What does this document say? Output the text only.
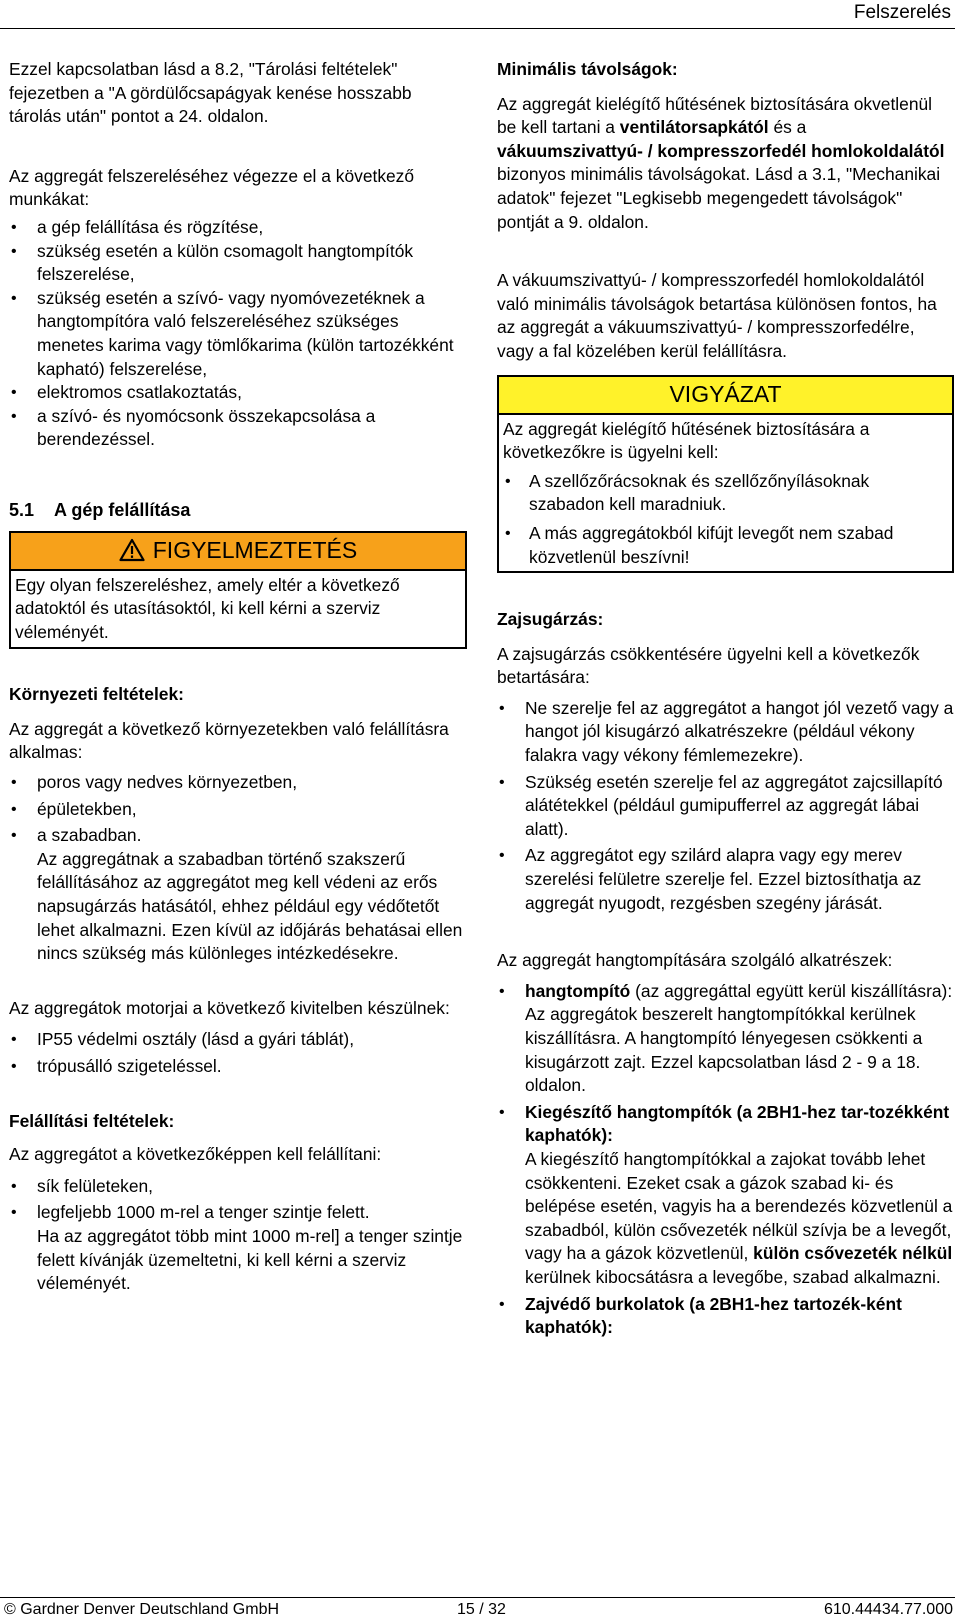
Felszerelés

Ezzel kapcsolatban lásd a 8.2, "Tárolási feltételek" fejezetben a "A gördülőcsapágyak kenése hosszabb tárolás után" pontot a 24. oldalon.

Az aggregát felszereléséhez végezze el a következő munkákat:

• a gép felállítása és rögzítése,
• szükség esetén a külön csomagolt hangtompítók felszerelése,
• szükség esetén a szívó- vagy nyomóvezetéknek a hangtompítóra való felszereléséhez szükséges menetes karima vagy tömlőkarima (külön tartozékként kapható) felszerelése,
• elektromos csatlakoztatás,
• a szívó- és nyomócsonk összekapcsolása a berendezéssel.

5.1 A gép felállítása

FIGYELMEZTETÉS
Egy olyan felszereléshez, amely eltér a következő adatoktól és utasításoktól, ki kell kérni a szerviz véleményét.

Környezeti feltételek:

Az aggregát a következő környezetekben való felállításra alkalmas:

• poros vagy nedves környezetben,
• épületekben,
• a szabadban.

Az aggregátnak a szabadban történő szakszerű felállításához az aggregátot meg kell védeni az erős napsugárzás hatásától, ehhez például egy védőtetőt lehet alkalmazni. Ezen kívül az időjárás behatásai ellen nincs szükség más különleges intézkedésekre.

Az aggregátok motorjai a következő kivitelben készülnek:

• IP55 védelmi osztály (lásd a gyári táblát),
• trópusálló szigeteléssel.

Felállítási feltételek:

Az aggregátot a következőképpen kell felállítani:

• sík felületeken,
• legfeljebb 1000 m-rel a tenger szintje felett.

Ha az aggregátot több mint 1000 m-rel] a tenger szintje felett kívánják üzemeltetni, ki kell kérni a szerviz véleményét.

Minimális távolságok:

Az aggregát kielégítő hűtésének biztosítására okvetlenül be kell tartani a ventilátorsapkától és a vákuumszivattyú- / kompresszorfedél homlokoldalától bizonyos minimális távolságokat. Lásd a 3.1, "Mechanikai adatok" fejezet "Legkisebb megengedett távolságok" pontját a 9. oldalon.

A vákuumszivattyú- / kompresszorfedél homlokoldalától való minimális távolságok betartása különösen fontos, ha az aggregát a vákuumszivattyú- / kompresszorfedélre, vagy a fal közelében kerül felállításra.

VIGYÁZAT

Az aggregát kielégítő hűtésének biztosítására a következőkre is ügyelni kell:

• A szellőzőrácsoknak és szellőzőnyílásoknak szabadon kell maradniuk.
• A más aggregátokból kifújt levegőt nem szabad közvetlenül beszívni!

Zajsugárzás:

A zajsugárzás csökkentésére ügyelni kell a következők betartására:

• Ne szerelje fel az aggregátot a hangot jól vezető vagy a hangot jól kisugárzó alkatrészekre (például vékony falakra vagy vékony fémlemezekre).
• Szükség esetén szerelje fel az aggregátot zajcsillapító alátétekkel (például gumipufferrel az aggregát lábai alatt).
• Az aggregátot egy szilárd alapra vagy egy merev szerelési felületre szerelje fel. Ezzel biztosíthatja az aggregát nyugodt, rezgésben szegény járását.

Az aggregát hangtompítására szolgáló alkatrészek:

• hangtompító (az aggregáttal együtt kerül kiszállításra):
Az aggregátok beszerelt hangtompítókkal kerülnek kiszállításra. A hangtompító lényegesen csökkenti a kisugárzott zajt. Ezzel kapcsolatban lásd 2 - 9 a 18. oldalon.
• Kiegészítő hangtompítók (a 2BH1-hez tar-tozékként kaphatók):
A kiegészítő hangtompítókkal a zajokat tovább lehet csökkenteni. Ezeket csak a gázok szabad ki- és belépése esetén, vagyis ha a berendezés közvetlenül a szabadból, külön csővezeték nélkül szívja be a levegőt, vagy ha a gázok közvetlenül, külön csővezeték nélkül kerülnek kibocsátásra a levegőbe, szabad alkalmazni.
• Zajvédő burkolatok (a 2BH1-hez tartozék-ként kaphatók):
© Gardner Denver Deutschland GmbH	15 / 32	610.44434.77.000
